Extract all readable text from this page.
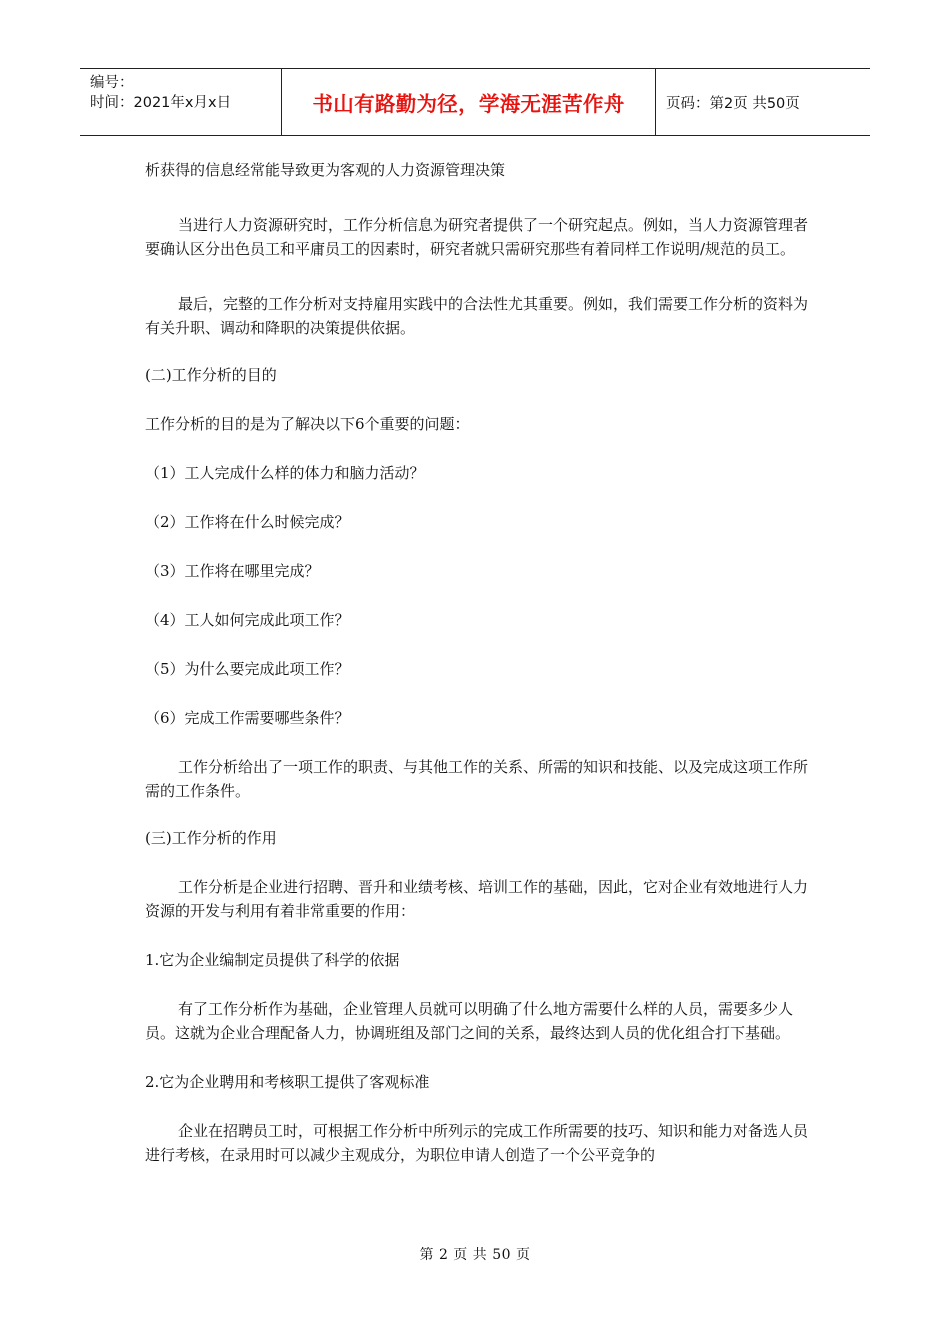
编号：
时间：2021年x月x日	书山有路勤为径，学海无涯苦作舟	页码：第2页 共50页

析获得的信息经常能导致更为客观的人力资源管理决策

当进行人力资源研究时，工作分析信息为研究者提供了一个研究起点。例如，当人力资源管理者要确认区分出色员工和平庸员工的因素时，研究者就只需研究那些有着同样工作说明/规范的员工。

最后，完整的工作分析对支持雇用实践中的合法性尤其重要。例如，我们需要工作分析的资料为有关升职、调动和降职的决策提供依据。

(二)工作分析的目的

工作分析的目的是为了解决以下6个重要的问题：

（1）工人完成什么样的体力和脑力活动？

（2）工作将在什么时候完成？

（3）工作将在哪里完成？

（4）工人如何完成此项工作？

（5）为什么要完成此项工作？

（6）完成工作需要哪些条件？

工作分析给出了一项工作的职责、与其他工作的关系、所需的知识和技能、以及完成这项工作所需的工作条件。

(三)工作分析的作用

工作分析是企业进行招聘、晋升和业绩考核、培训工作的基础，因此，它对企业有效地进行人力资源的开发与利用有着非常重要的作用：

1.它为企业编制定员提供了科学的依据

有了工作分析作为基础，企业管理人员就可以明确了什么地方需要什么样的人员，需要多少人员。这就为企业合理配备人力，协调班组及部门之间的关系，最终达到人员的优化组合打下基础。

2.它为企业聘用和考核职工提供了客观标准

企业在招聘员工时，可根据工作分析中所列示的完成工作所需要的技巧、知识和能力对备选人员进行考核，在录用时可以减少主观成分，为职位申请人创造了一个公平竞争的

第 2 页 共 50 页
